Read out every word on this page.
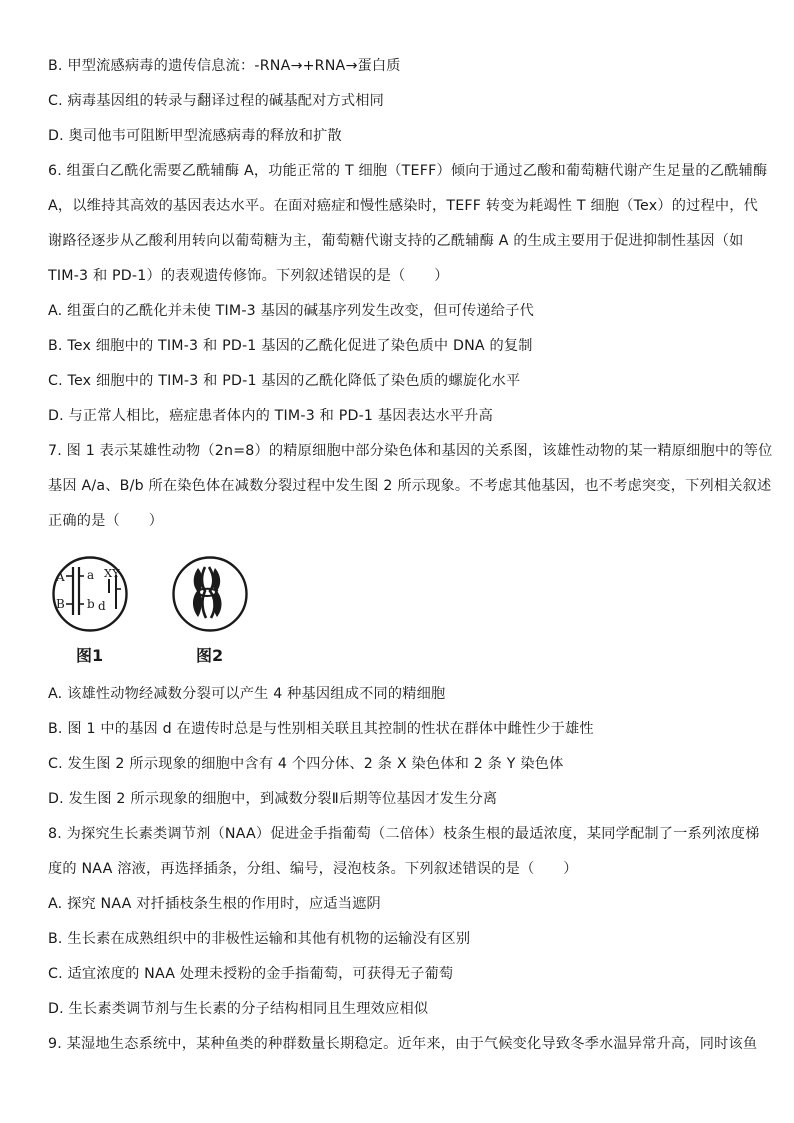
B. 甲型流感病毒的遗传信息流：-RNA→+RNA→蛋白质
C. 病毒基因组的转录与翻译过程的碱基配对方式相同
D. 奥司他韦可阻断甲型流感病毒的释放和扩散
6. 组蛋白乙酰化需要乙酰辅酶 A，功能正常的 T 细胞（TEFF）倾向于通过乙酸和葡萄糖代谢产生足量的乙酰辅酶
A，以维持其高效的基因表达水平。在面对癌症和慢性感染时，TEFF 转变为耗竭性 T 细胞（Tex）的过程中，代
谢路径逐步从乙酸利用转向以葡萄糖为主，葡萄糖代谢支持的乙酰辅酶 A 的生成主要用于促进抑制性基因（如
TIM-3 和 PD-1）的表观遗传修饰。下列叙述错误的是（　　）
A. 组蛋白的乙酰化并未使 TIM-3 基因的碱基序列发生改变，但可传递给子代
B. Tex 细胞中的 TIM-3 和 PD-1 基因的乙酰化促进了染色质中 DNA 的复制
C. Tex 细胞中的 TIM-3 和 PD-1 基因的乙酰化降低了染色质的螺旋化水平
D. 与正常人相比，癌症患者体内的 TIM-3 和 PD-1 基因表达水平升高
7. 图 1 表示某雄性动物（2n=8）的精原细胞中部分染色体和基因的关系图，该雄性动物的某一精原细胞中的等位
基因 A/a、B/b 所在染色体在减数分裂过程中发生图 2 所示现象。不考虑其他基因，也不考虑突变，下列相关叙述
正确的是（　　）
A a
B b d
XY
图1	图2
A. 该雄性动物经减数分裂可以产生 4 种基因组成不同的精细胞
B. 图 1 中的基因 d 在遗传时总是与性别相关联且其控制的性状在群体中雌性少于雄性
C. 发生图 2 所示现象的细胞中含有 4 个四分体、2 条 X 染色体和 2 条 Y 染色体
D. 发生图 2 所示现象的细胞中，到减数分裂Ⅱ后期等位基因才发生分离
8. 为探究生长素类调节剂（NAA）促进金手指葡萄（二倍体）枝条生根的最适浓度，某同学配制了一系列浓度梯
度的 NAA 溶液，再选择插条，分组、编号，浸泡枝条。下列叙述错误的是（　　）
A. 探究 NAA 对扦插枝条生根的作用时，应适当遮阴
B. 生长素在成熟组织中的非极性运输和其他有机物的运输没有区别
C. 适宜浓度的 NAA 处理未授粉的金手指葡萄，可获得无子葡萄
D. 生长素类调节剂与生长素的分子结构相同且生理效应相似
9. 某湿地生态系统中，某种鱼类的种群数量长期稳定。近年来，由于气候变化导致冬季水温异常升高，同时该鱼
